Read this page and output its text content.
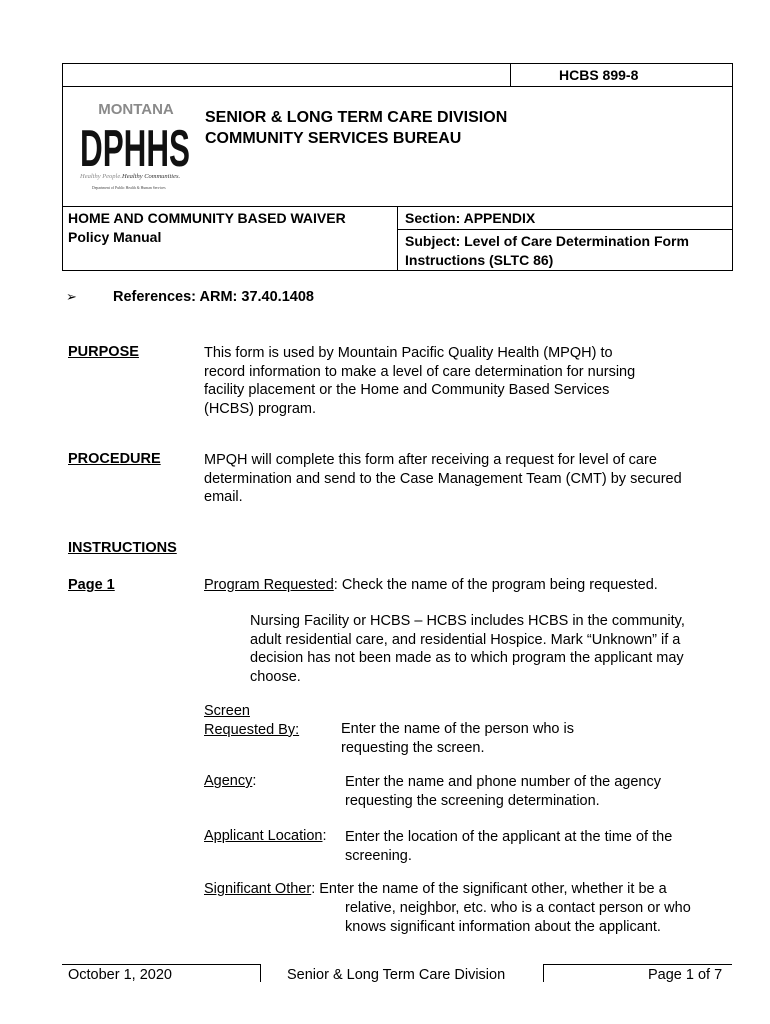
HCBS 899-8
MONTANA
DPHHS
Healthy People. Healthy Communities.
Department of Public Health & Human Services
SENIOR & LONG TERM CARE DIVISION
COMMUNITY SERVICES BUREAU
HOME AND COMMUNITY BASED WAIVER
Policy Manual
Section: APPENDIX
Subject: Level of Care Determination Form
Instructions (SLTC 86)
➢ References: ARM: 37.40.1408
PURPOSE	This form is used by Mountain Pacific Quality Health (MPQH) to
record information to make a level of care determination for nursing
facility placement or the Home and Community Based Services
(HCBS) program.
PROCEDURE	MPQH will complete this form after receiving a request for level of care
determination and send to the Case Management Team (CMT) by secured
email.
INSTRUCTIONS
Page 1	Program Requested: Check the name of the program being requested.
Nursing Facility or HCBS – HCBS includes HCBS in the community,
adult residential care, and residential Hospice. Mark “Unknown” if a
decision has not been made as to which program the applicant may
choose.
Screen
Requested By:	Enter the name of the person who is
requesting the screen.
Agency:	Enter the name and phone number of the agency
requesting the screening determination.
Applicant Location: Enter the location of the applicant at the time of the
screening.
Significant Other: Enter the name of the significant other, whether it be a
relative, neighbor, etc. who is a contact person or who
knows significant information about the applicant.
October 1, 2020	Senior & Long Term Care Division	Page 1 of 7
